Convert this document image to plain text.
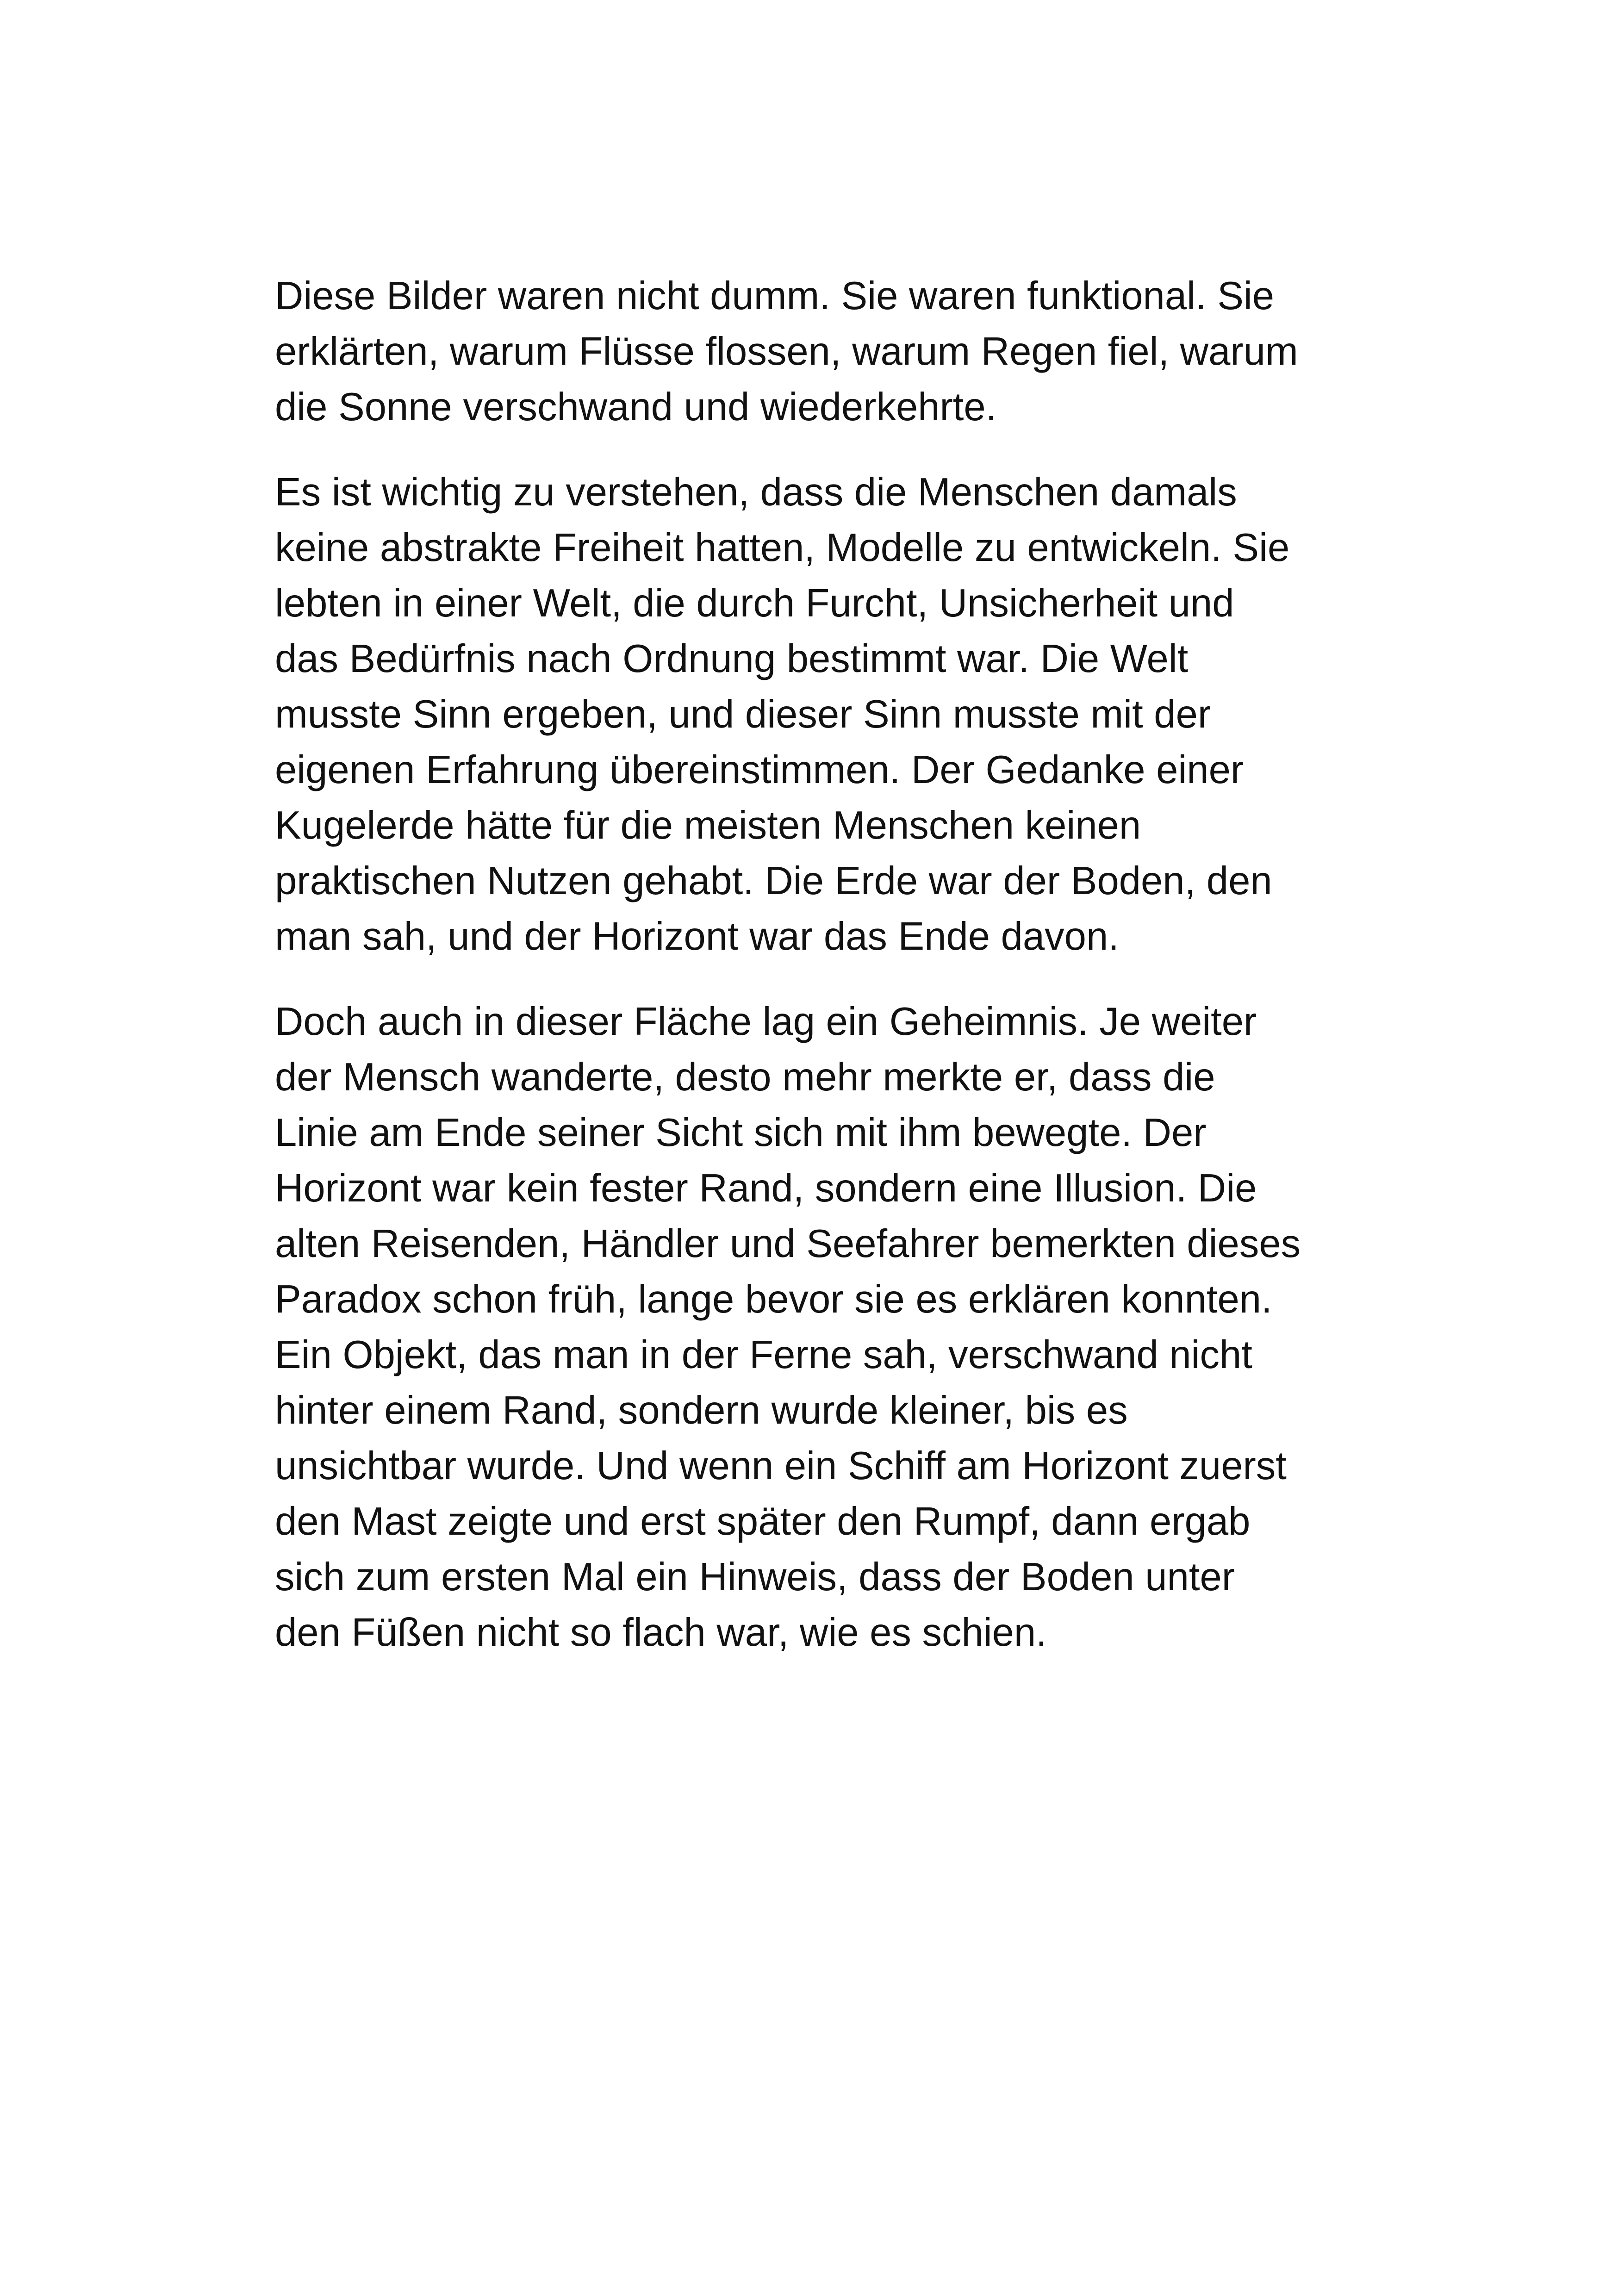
Diese Bilder waren nicht dumm. Sie waren funktional. Sie
erklärten, warum Flüsse flossen, warum Regen fiel, warum
die Sonne verschwand und wiederkehrte.

Es ist wichtig zu verstehen, dass die Menschen damals
keine abstrakte Freiheit hatten, Modelle zu entwickeln. Sie
lebten in einer Welt, die durch Furcht, Unsicherheit und
das Bedürfnis nach Ordnung bestimmt war. Die Welt
musste Sinn ergeben, und dieser Sinn musste mit der
eigenen Erfahrung übereinstimmen. Der Gedanke einer
Kugelerde hätte für die meisten Menschen keinen
praktischen Nutzen gehabt. Die Erde war der Boden, den
man sah, und der Horizont war das Ende davon.

Doch auch in dieser Fläche lag ein Geheimnis. Je weiter
der Mensch wanderte, desto mehr merkte er, dass die
Linie am Ende seiner Sicht sich mit ihm bewegte. Der
Horizont war kein fester Rand, sondern eine Illusion. Die
alten Reisenden, Händler und Seefahrer bemerkten dieses
Paradox schon früh, lange bevor sie es erklären konnten.
Ein Objekt, das man in der Ferne sah, verschwand nicht
hinter einem Rand, sondern wurde kleiner, bis es
unsichtbar wurde. Und wenn ein Schiff am Horizont zuerst
den Mast zeigte und erst später den Rumpf, dann ergab
sich zum ersten Mal ein Hinweis, dass der Boden unter
den Füßen nicht so flach war, wie es schien.
